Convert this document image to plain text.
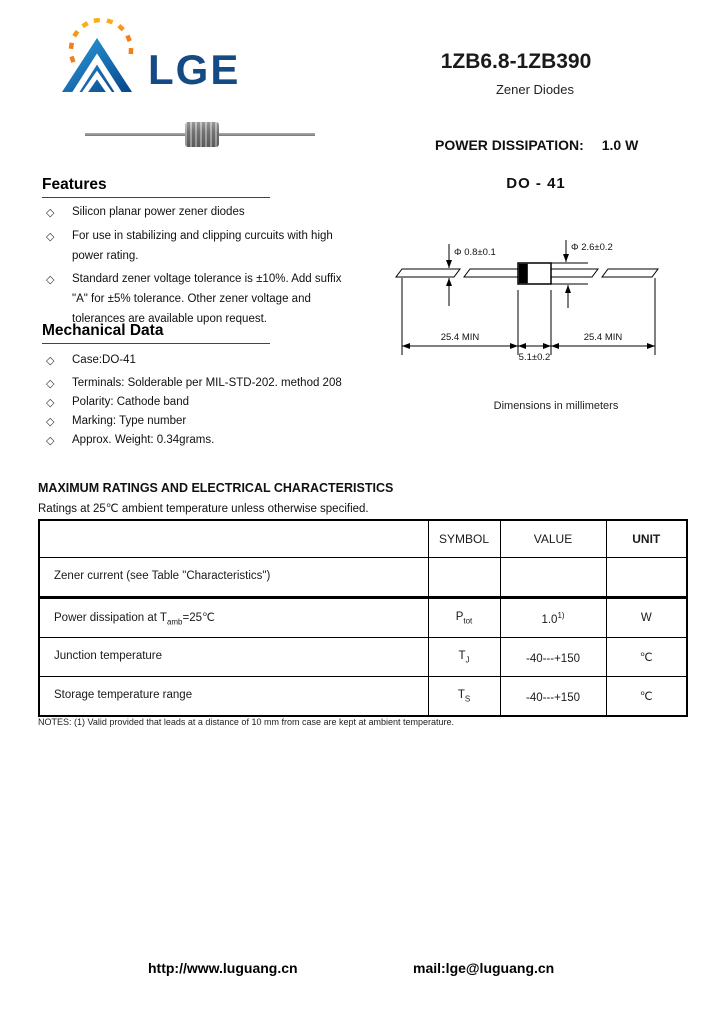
LGE	1ZB6.8-1ZB390
Zener Diodes
POWER DISSIPATION: 1.0 W
Features
◇	Silicon planar power zener diodes
◇	For use in stabilizing and clipping curcuits with high power rating.
◇	Standard zener voltage tolerance is ±10%. Add suffix "A" for ±5% tolerance. Other zener voltage and tolerances are available upon request.
Mechanical Data
◇	Case:DO-41
◇	Terminals: Solderable per MIL-STD-202. method 208
◇	Polarity: Cathode band
◇	Marking: Type number
◇	Approx. Weight: 0.34grams.
DO - 41
Φ 0.8±0.1	Φ 2.6±0.2
25.4 MIN
5.1±0.2
25.4 MIN
Dimensions in millimeters
MAXIMUM RATINGS AND ELECTRICAL CHARACTERISTICS
Ratings at 25℃ ambient temperature unless otherwise specified.
	SYMBOL	VALUE	UNIT
Zener current (see Table "Characteristics")			
Power dissipation at $T_{amb}=25℃$	$P_{tot}$	1.0$^{1)}$	W
Junction temperature	$T_J$	-40---+150	℃
Storage temperature range	$T_S$	-40---+150	℃
NOTES: (1) Valid provided that leads at a distance of 10 mm from case are kept at ambient temperature.
http://www.luguang.cn	mail:lge@luguang.cn
